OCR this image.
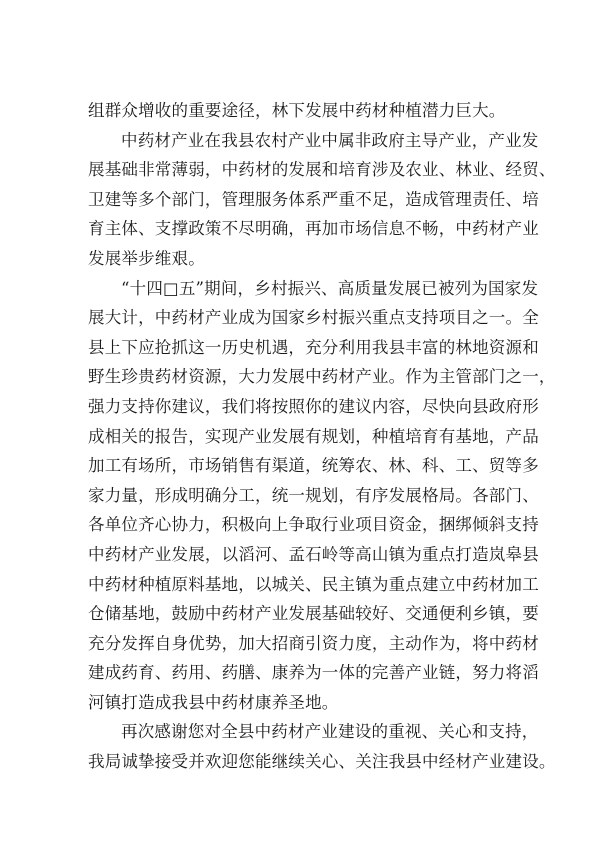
组群众增收的重要途径，林下发展中药材种植潜力巨大。

中药材产业在我县农村产业中属非政府主导产业，产业发
展基础非常薄弱，中药材的发展和培育涉及农业、林业、经贸、
卫建等多个部门，管理服务体系严重不足，造成管理责任、培
育主体、支撑政策不尽明确，再加市场信息不畅，中药材产业
发展举步维艰。

“十四□五”期间，乡村振兴、高质量发展已被列为国家发
展大计，中药材产业成为国家乡村振兴重点支持项目之一。全
县上下应抢抓这一历史机遇，充分利用我县丰富的林地资源和
野生珍贵药材资源，大力发展中药材产业。作为主管部门之一，
强力支持你建议，我们将按照你的建议内容，尽快向县政府形
成相关的报告，实现产业发展有规划，种植培育有基地，产品
加工有场所，市场销售有渠道，统筹农、林、科、工、贸等多
家力量，形成明确分工，统一规划，有序发展格局。各部门、
各单位齐心协力，积极向上争取行业项目资金，捆绑倾斜支持
中药材产业发展，以滔河、孟石岭等高山镇为重点打造岚皋县
中药材种植原料基地，以城关、民主镇为重点建立中药材加工
仓储基地，鼓励中药材产业发展基础较好、交通便利乡镇，要
充分发挥自身优势，加大招商引资力度，主动作为，将中药材
建成药育、药用、药膳、康养为一体的完善产业链，努力将滔
河镇打造成我县中药材康养圣地。

再次感谢您对全县中药材产业建设的重视、关心和支持，
我局诚挚接受并欢迎您能继续关心、关注我县中经材产业建设。
